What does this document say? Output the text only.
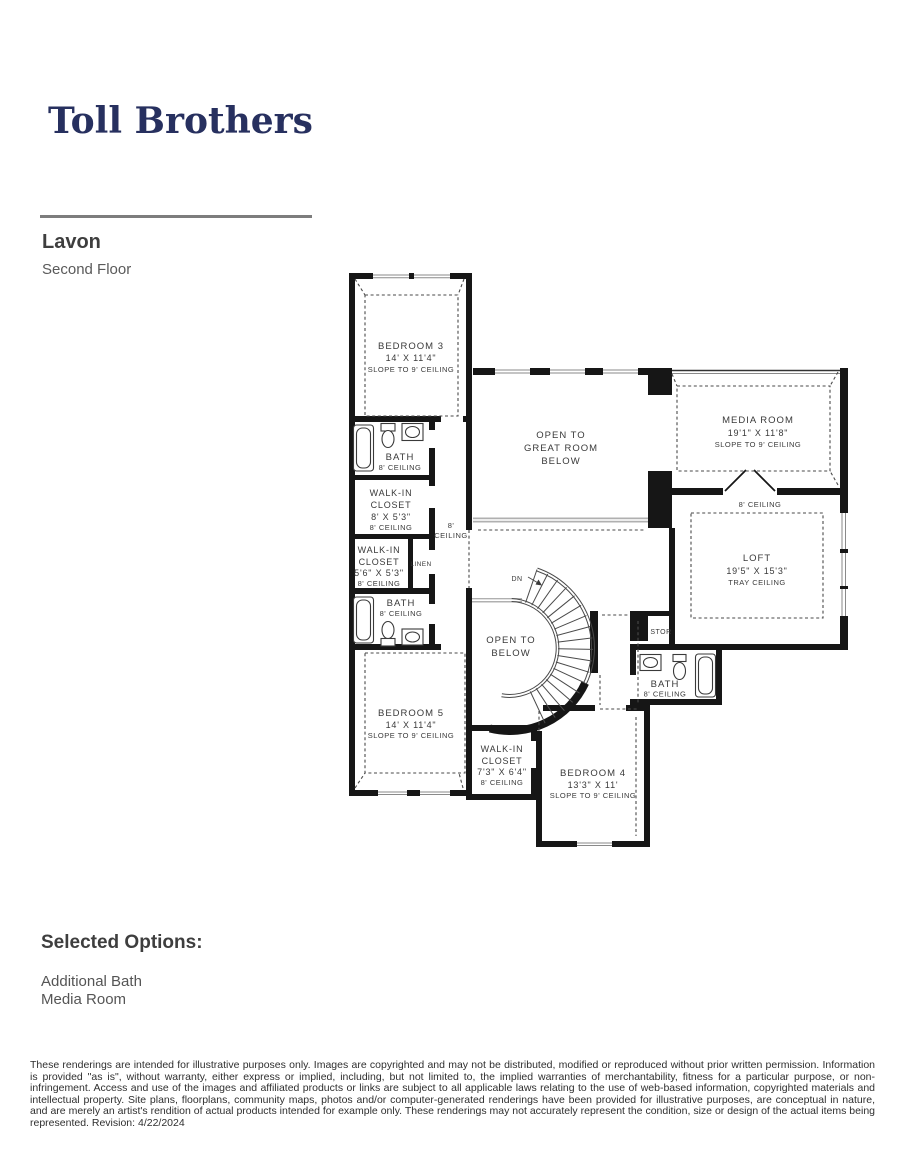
Toll Brothers
Lavon
Second Floor
BEDROOM 3
14' X 11'4"
SLOPE TO 9' CEILING
BATH
8' CEILING
WALK-IN
CLOSET
8' X 5'3"
8' CEILING
WALK-IN
CLOSET
5'6" X 5'3"
8' CEILING
LINEN
8'
CEILING
BATH
8' CEILING
OPEN TO
GREAT ROOM
BELOW
MEDIA ROOM
19'1" X 11'8"
SLOPE TO 9' CEILING
8' CEILING
LOFT
19'5" X 15'3"
TRAY CEILING
DN
OPEN TO
BELOW
STOR
BATH
8' CEILING
BEDROOM 5
14' X 11'4"
SLOPE TO 9' CEILING
WALK-IN
CLOSET
7'3" X 6'4"
8' CEILING
BEDROOM 4
13'3" X 11'
SLOPE TO 9' CEILING
Selected Options:
Additional Bath
Media Room
These renderings are intended for illustrative purposes only. Images are copyrighted and may not be distributed, modified or reproduced without prior written permission. Information is provided "as is", without warranty, either express or implied, including, but not limited to, the implied warranties of merchantability, fitness for a particular purpose, or non-infringement. Access and use of the images and affiliated products or links are subject to all applicable laws relating to the use of web-based information, copyrighted materials and intellectual property. Site plans, floorplans, community maps, photos and/or computer-generated renderings have been provided for illustrative purposes, are conceptual in nature, and are merely an artist's rendition of actual products intended for example only. These renderings may not accurately represent the condition, size or design of the actual items being represented. Revision: 4/22/2024
